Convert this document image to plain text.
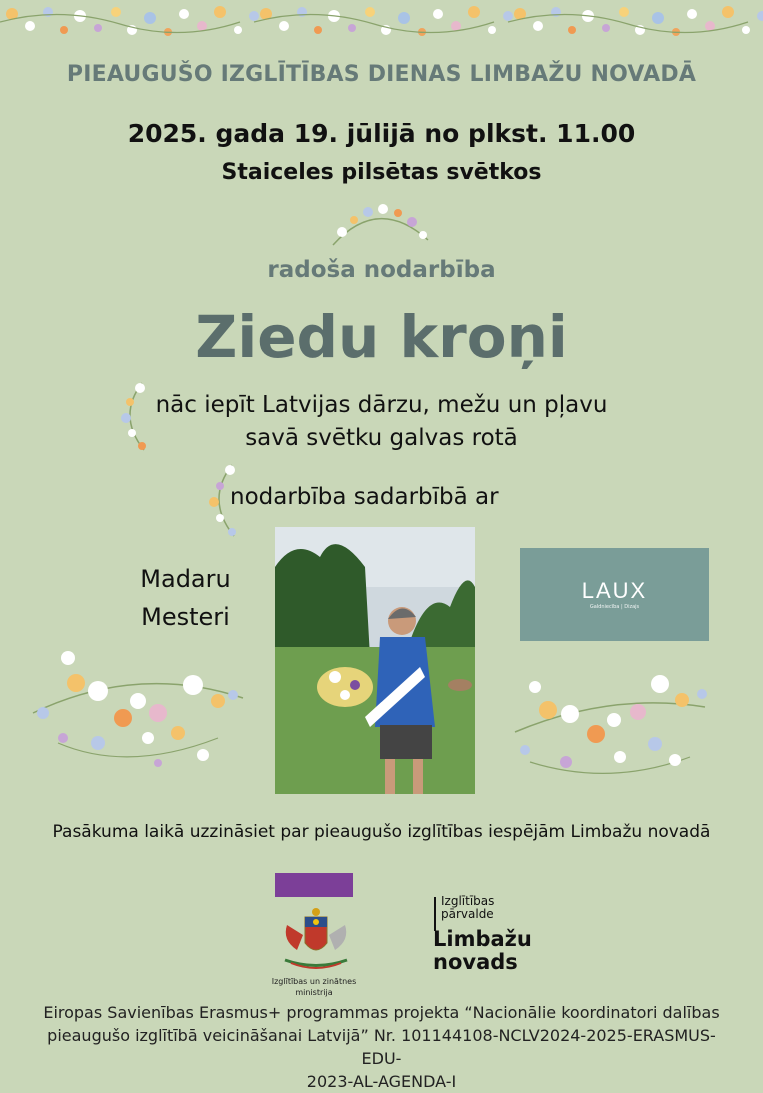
PIEAUGUŠO IZGLĪTĪBAS DIENAS LIMBAŽU NOVADĀ
2025. gada 19. jūlijā no plkst. 11.00
Staiceles pilsētas svētkos
radoša nodarbība
Ziedu kroņi
nāc iepīt Latvijas dārzu, mežu un pļavu
savā svētku galvas rotā
nodarbība sadarbībā ar
Madaru
Mesteri
LAUX
Galdniecība | Dizajs
Pasākuma laikā uzzināsiet par pieaugušo izglītības iespējām Limbažu novadā
Izglītības un zinātnes
ministrija
Izglītības
pārvalde
Limbažu
novads
Eiropas Savienības Erasmus+ programmas projekta “Nacionālie koordinatori dalības
pieaugušo izglītībā veicināšanai Latvijā” Nr. 101144108-NCLV2024-2025-ERASMUS-EDU-
2023-AL-AGENDA-I
